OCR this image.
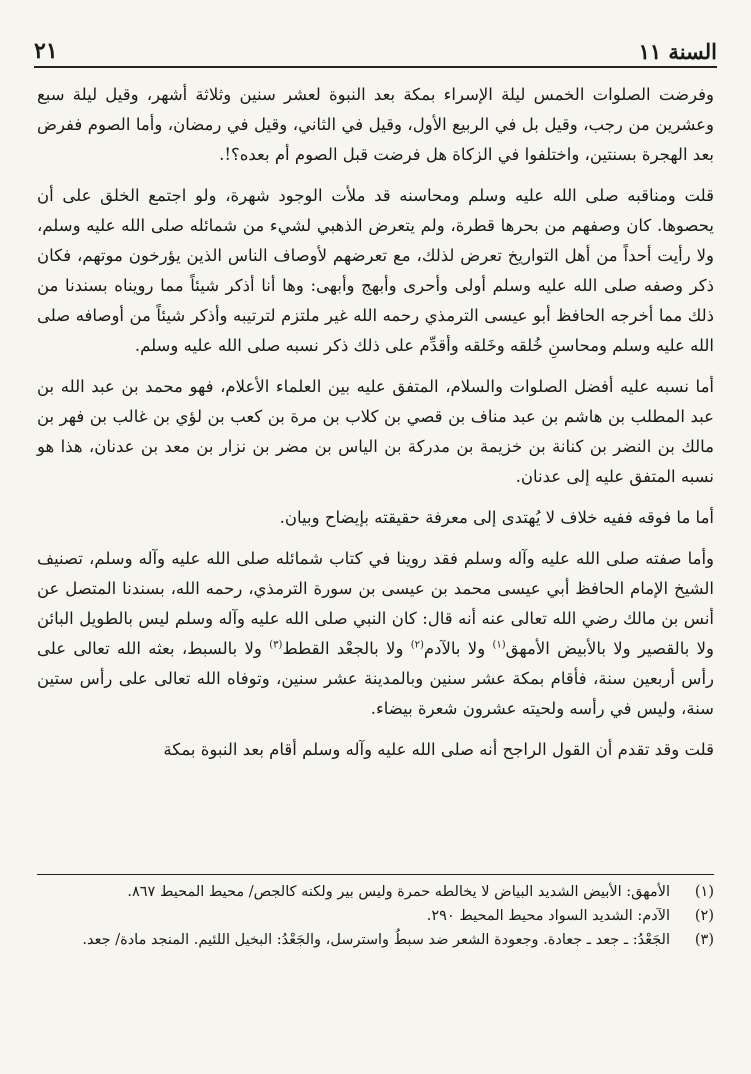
٢١	السنة ١١

وفرضت الصلوات الخمس ليلة الإسراء بمكة بعد النبوة لعشر سنين وثلاثة أشهر، وقيل ليلة سبع وعشرين من رجب، وقيل بل في الربيع الأول، وقيل في الثاني، وقيل في رمضان، وأما الصوم ففرض بعد الهجرة بسنتين، واختلفوا في الزكاة هل فرضت قبل الصوم أم بعده؟!.

قلت ومناقبه صلى الله عليه وسلم ومحاسنه قد ملأت الوجود شهرة، ولو اجتمع الخلق على أن يحصوها. كان وصفهم من بحرها قطرة، ولم يتعرض الذهبي لشيء من شمائله صلى الله عليه وسلم، ولا رأيت أحداً من أهل التواريخ تعرض لذلك، مع تعرضهم لأوصاف الناس الذين يؤرخون موتهم، فكان ذكر وصفه صلى الله عليه وسلم أولى وأحرى وأبهج وأبهى: وها أنا أذكر شيئاً مما رويناه بسندنا من ذلك مما أخرجه الحافظ أبو عيسى الترمذي رحمه الله غير ملتزم لترتيبه وأذكر شيئاً من أوصافه صلى الله عليه وسلم ومحاسنِ خُلقه وخَلقه وأقدِّم على ذلك ذكر نسبه صلى الله عليه وسلم.

أما نسبه عليه أفضل الصلوات والسلام، المتفق عليه بين العلماء الأعلام، فهو محمد بن عبد الله بن عبد المطلب بن هاشم بن عبد مناف بن قصي بن كلاب بن مرة بن كعب بن لؤي بن غالب بن فهر بن مالك بن النضر بن كنانة بن خزيمة بن مدركة بن الياس بن مضر بن نزار بن معد بن عدنان، هذا هو نسبه المتفق عليه إلى عدنان.

أما ما فوقه ففيه خلاف لا يُهتدى إلى معرفة حقيقته بإيضاح وبيان.

وأما صفته صلى الله عليه وآله وسلم فقد روينا في كتاب شمائله صلى الله عليه وآله وسلم، تصنيف الشيخ الإمام الحافظ أبي عيسى محمد بن عيسى بن سورة الترمذي، رحمه الله، بسندنا المتصل عن أنس بن مالك رضي الله تعالى عنه أنه قال: كان النبي صلى الله عليه وآله وسلم ليس بالطويل البائن ولا بالقصير ولا بالأبيض الأمهق$^{(١)}$ ولا بالآدم$^{(٢)}$ ولا بالجعْد القطط$^{(٣)}$ ولا بالسبط، بعثه الله تعالى على رأس أربعين سنة، فأقام بمكة عشر سنين وبالمدينة عشر سنين، وتوفاه الله تعالى على رأس ستين سنة، وليس في رأسه ولحيته عشرون شعرة بيضاء.

قلت وقد تقدم أن القول الراجح أنه صلى الله عليه وآله وسلم أقام بعد النبوة بمكة

(١)
الأمهق: الأبيض الشديد البياض لا يخالطه حمرة وليس بير ولكنه كالجص/ محيط المحيط ٨٦٧.
(٢)
الآدم: الشديد السواد محيط المحيط ٢٩٠.
(٣)
الجَعْدُ: ـ جعد ـ جعادة. وجعودة الشعر ضد سبطُ واسترسل، والجَعْدُ: البخيل اللئيم. المنجد مادة/ جعد.
